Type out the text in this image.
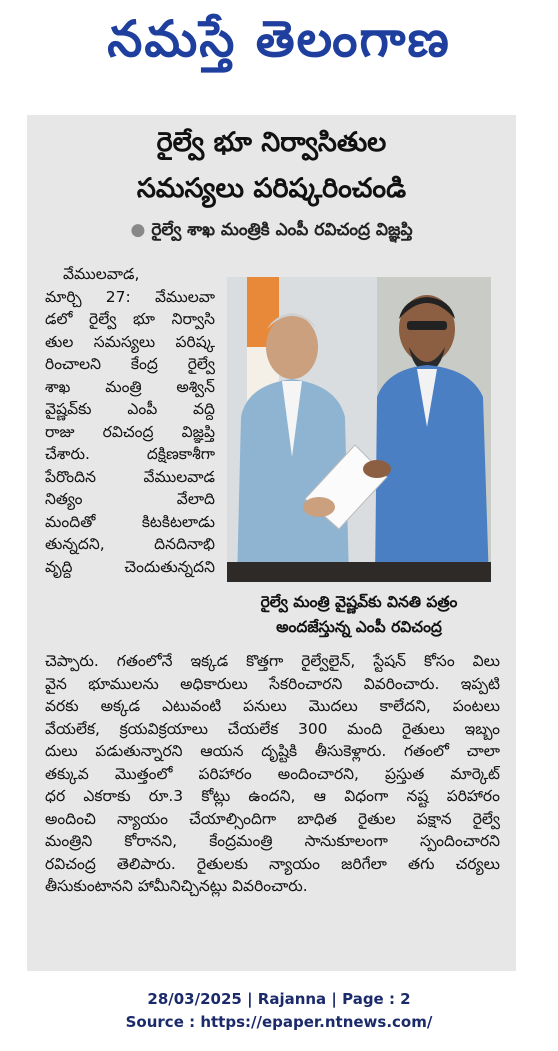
నమస్తే తెలంగాణ
రైల్వే భూ నిర్వాసితుల
సమస్యలు పరిష్కరించండి
● రైల్వే శాఖ మంత్రికి ఎంపీ రవిచంద్ర విజ్ఞప్తి
వేములవాడ,
మార్చి 27: వేములవా
డలో రైల్వే భూ నిర్వాసి
తుల సమస్యలు పరిష్క
రించాలని కేంద్ర రైల్వే
శాఖ మంత్రి అశ్విన్
వైష్ణవ్‌కు ఎంపీ వద్ది
రాజు రవిచంద్ర విజ్ఞప్తి
చేశారు. దక్షిణకాశీగా
పేరొందిన వేములవాడ
నిత్యం వేలాది
మందితో కిటకిటలాడు
తున్నదని, దినదినాభి
వృద్ధి చెందుతున్నదని
రైల్వే మంత్రి వైష్ణవ్‌కు వినతి పత్రం
అందజేస్తున్న ఎంపీ రవిచంద్ర
చెప్పారు. గతంలోనే ఇక్కడ కొత్తగా రైల్వేలైన్, స్టేషన్ కోసం విలు
వైన భూములను అధికారులు సేకరించారని వివరించారు. ఇప్పటి
వరకు అక్కడ ఎటువంటి పనులు మొదలు కాలేదని, పంటలు
వేయలేక, క్రయవిక్రయాలు చేయలేక 300 మంది రైతులు ఇబ్బం
దులు పడుతున్నారని ఆయన దృష్టికి తీసుకెళ్లారు. గతంలో చాలా
తక్కువ మొత్తంలో పరిహారం అందించారని, ప్రస్తుత మార్కెట్
ధర ఎకరాకు రూ.3 కోట్లు ఉందని, ఆ విధంగా నష్ట పరిహారం
అందించి న్యాయం చేయాల్సిందిగా బాధిత రైతుల పక్షాన రైల్వే
మంత్రిని కోరానని, కేంద్రమంత్రి సానుకూలంగా స్పందించారని
రవిచంద్ర తెలిపారు. రైతులకు న్యాయం జరిగేలా తగు చర్యలు
తీసుకుంటానని హామీనిచ్చినట్లు వివరించారు.
28/03/2025 | Rajanna | Page : 2
Source : https://epaper.ntnews.com/
